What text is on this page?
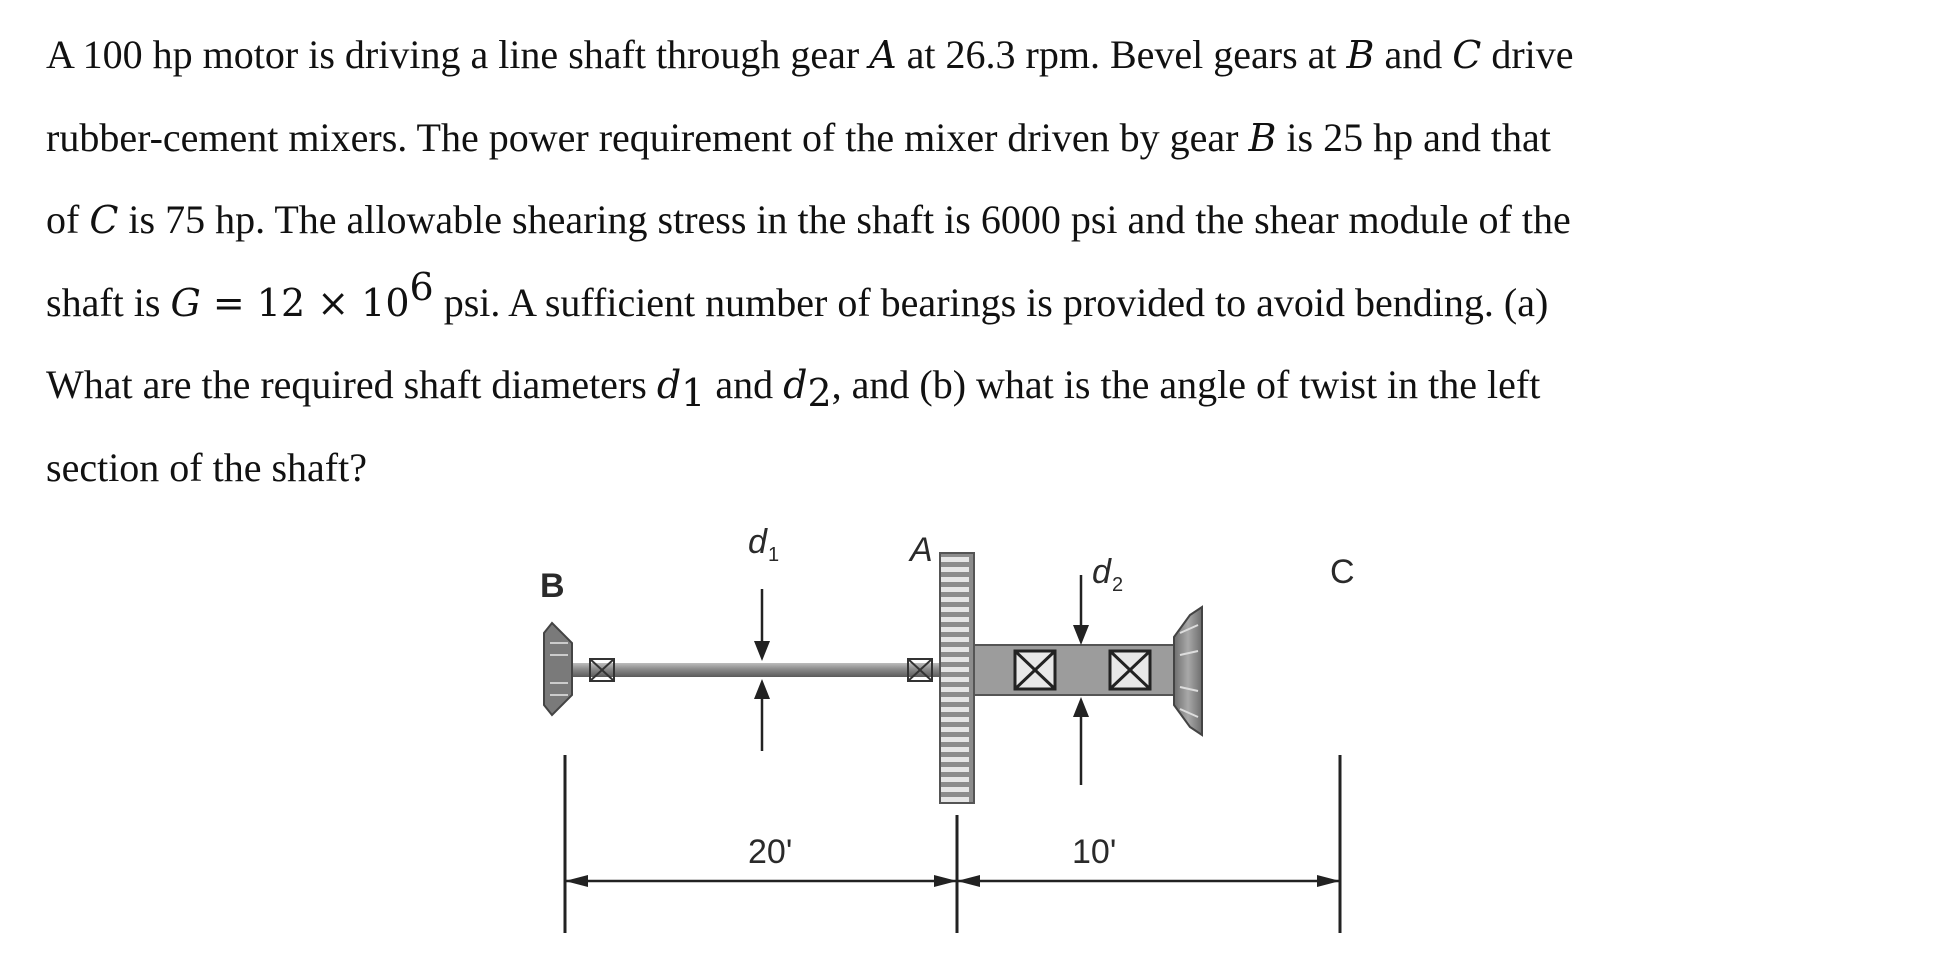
A 100 hp motor is driving a line shaft through gear A at 26.3 rpm. Bevel gears at B and C drive
rubber-cement mixers. The power requirement of the mixer driven by gear B is 25 hp and that
of C is 75 hp. The allowable shearing stress in the shaft is 6000 psi and the shear module of the
shaft is $G = 12 \times 10^6$ psi. A sufficient number of bearings is provided to avoid bending. (a)
What are the required shaft diameters $d_1$ and $d_2$, and (b) what is the angle of twist in the left
section of the shaft?
B
A
C
d 1	d 2
20'	10'
